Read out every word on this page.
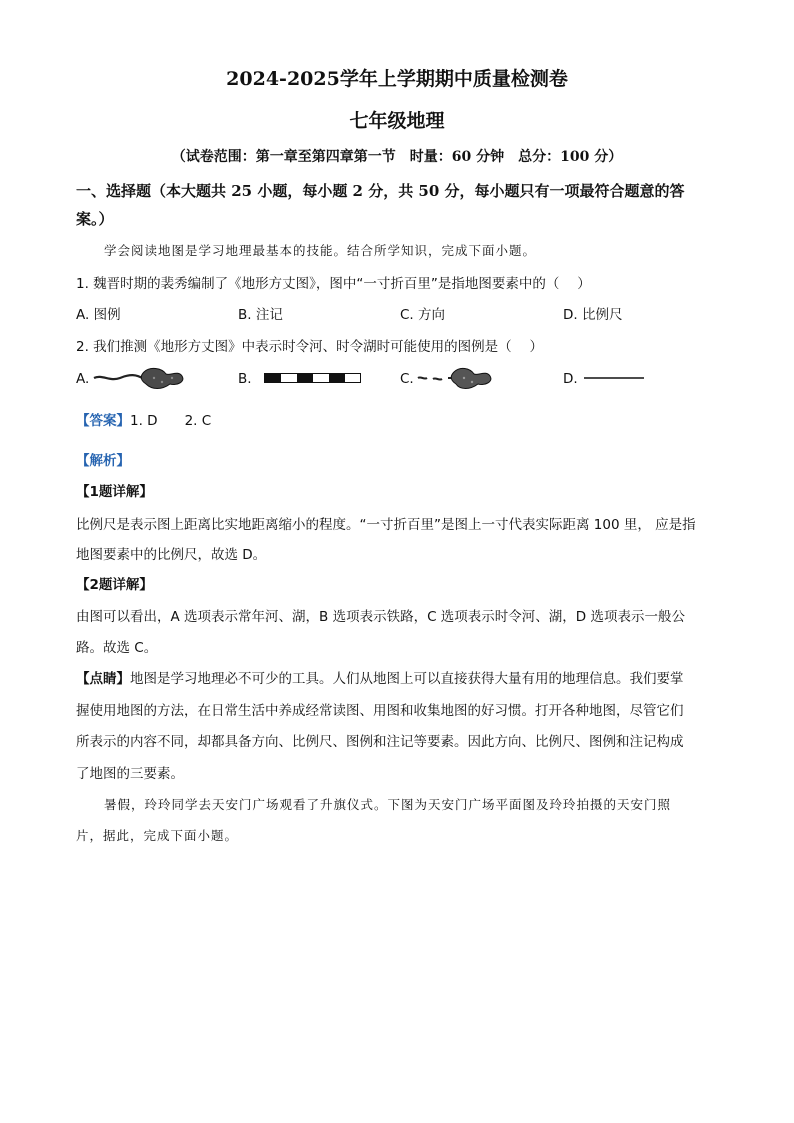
2024-2025学年上学期期中质量检测卷
七年级地理
（试卷范围：第一章至第四章第一节　时量：60 分钟　总分：100 分）
一、选择题（本大题共 25 小题，每小题 2 分，共 50 分，每小题只有一项最符合题意的答
案。）
学会阅读地图是学习地理最基本的技能。结合所学知识，完成下面小题。
1. 魏晋时期的裴秀编制了《地形方丈图》，图中“一寸折百里”是指地图要素中的（　 ）
A. 图例	B. 注记	C. 方向	D. 比例尺
2. 我们推测《地形方丈图》中表示时令河、时令湖时可能使用的图例是（　 ）
A.	B.	C.	D.
【答案】1. D　　2. C
【解析】
【1题详解】
比例尺是表示图上距离比实地距离缩小的程度。“一寸折百里”是图上一寸代表实际距离 100 里， 应是指
地图要素中的比例尺，故选 D。
【2题详解】
由图可以看出，A 选项表示常年河、湖，B 选项表示铁路，C 选项表示时令河、湖，D 选项表示一般公
路。故选 C。
【点睛】地图是学习地理必不可少的工具。人们从地图上可以直接获得大量有用的地理信息。我们要掌
握使用地图的方法，在日常生活中养成经常读图、用图和收集地图的好习惯。打开各种地图，尽管它们
所表示的内容不同，却都具备方向、比例尺、图例和注记等要素。因此方向、比例尺、图例和注记构成
了地图的三要素。
暑假，玲玲同学去天安门广场观看了升旗仪式。下图为天安门广场平面图及玲玲拍摄的天安门照
片，据此，完成下面小题。
